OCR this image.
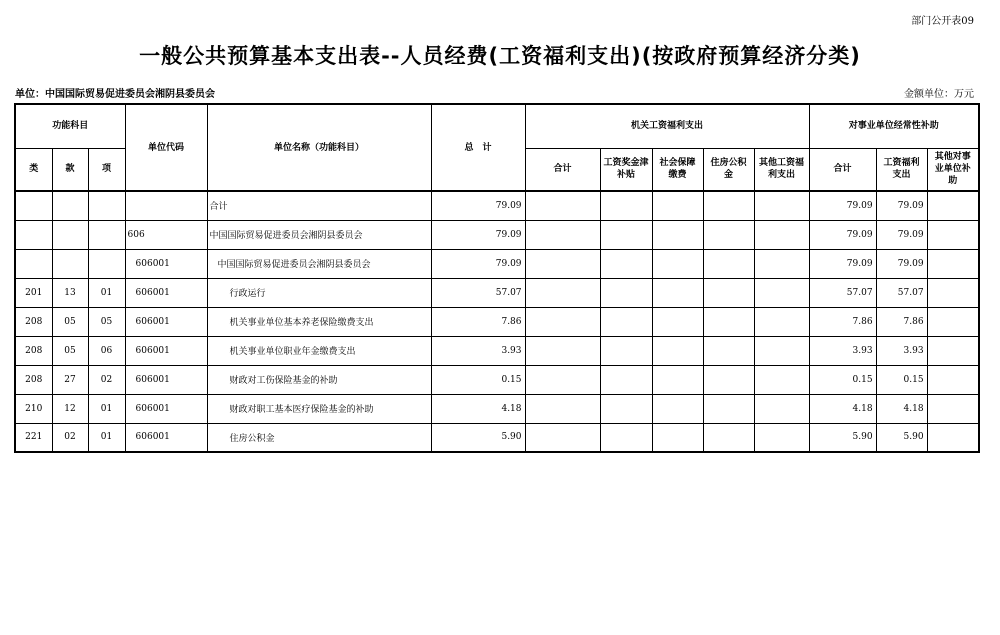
部门公开表09
一般公共预算基本支出表--人员经费(工资福利支出)(按政府预算经济分类)
单位：中国国际贸易促进委员会湘阴县委员会	金额单位：万元
功能科目			单位代码	单位名称（功能科目）	总　计	机关工资福利支出					对事业单位经常性补助		
类	款	项				合计	工资奖金津补贴	社会保障缴费	住房公积金	其他工资福利支出	合计	工资福利支出	其他对事业单位补助
				合计	79.09						79.09	79.09	
			606	中国国际贸易促进委员会湘阴县委员会	79.09						79.09	79.09	
			606001	中国国际贸易促进委员会湘阴县委员会	79.09						79.09	79.09	
201	13	01	606001	行政运行	57.07						57.07	57.07	
208	05	05	606001	机关事业单位基本养老保险缴费支出	7.86						7.86	7.86	
208	05	06	606001	机关事业单位职业年金缴费支出	3.93						3.93	3.93	
208	27	02	606001	财政对工伤保险基金的补助	0.15						0.15	0.15	
210	12	01	606001	财政对职工基本医疗保险基金的补助	4.18						4.18	4.18	
221	02	01	606001	住房公积金	5.90						5.90	5.90	
